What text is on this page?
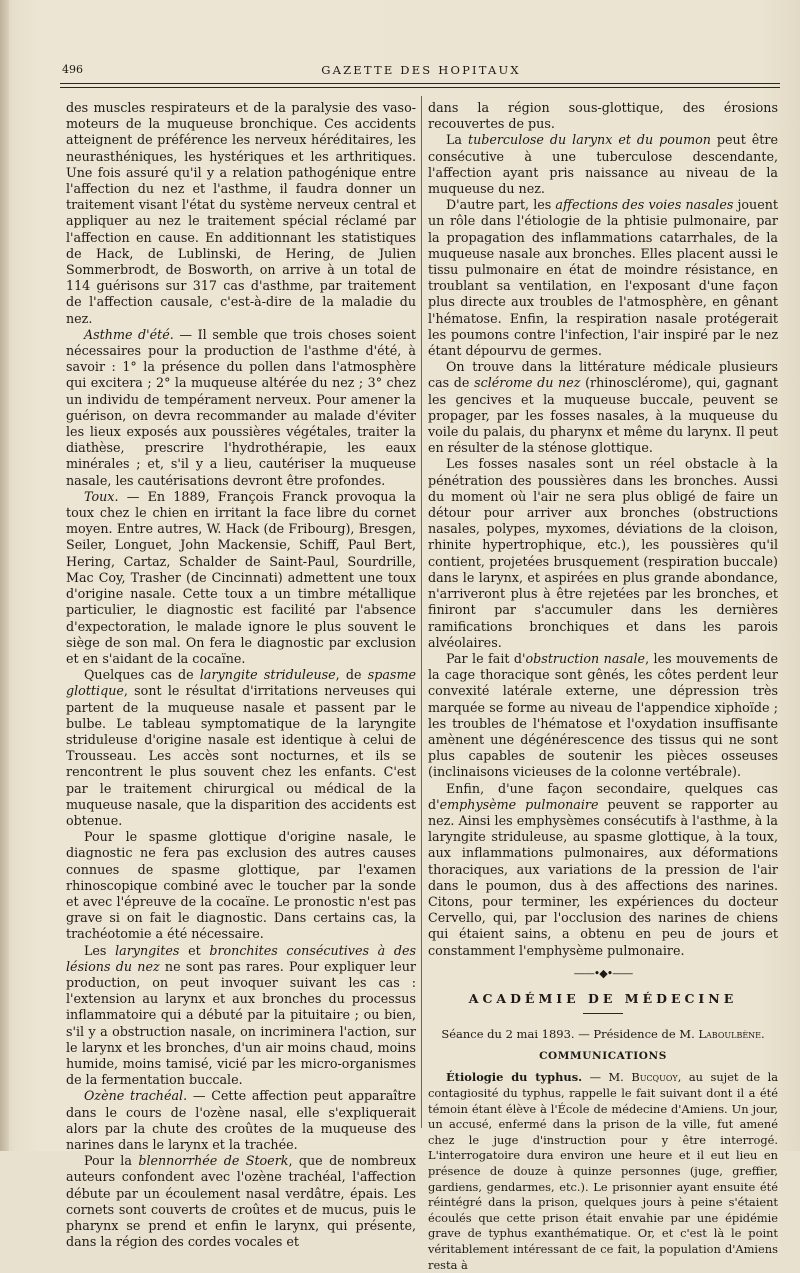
496	GAZETTE DES HOPITAUX

des muscles respirateurs et de la paralysie des vaso-moteurs de la muqueuse bronchique. Ces accidents atteignent de préférence les nerveux héréditaires, les neurasthéniques, les hystériques et les arthritiques. Une fois assuré qu'il y a relation pathogénique entre l'affection du nez et l'asthme, il faudra donner un traitement visant l'état du système nerveux central et appliquer au nez le traitement spécial réclamé par l'affection en cause. En additionnant les statistiques de Hack, de Lublinski, de Hering, de Julien Sommerbrodt, de Bosworth, on arrive à un total de 114 guérisons sur 317 cas d'asthme, par traitement de l'affection causale, c'est-à-dire de la maladie du nez.

Asthme d'été. — Il semble que trois choses soient nécessaires pour la production de l'asthme d'été, à savoir : 1° la présence du pollen dans l'atmosphère qui excitera ; 2° la muqueuse altérée du nez ; 3° chez un individu de tempérament nerveux. Pour amener la guérison, on devra recommander au malade d'éviter les lieux exposés aux poussières végétales, traiter la diathèse, prescrire l'hydrothérapie, les eaux minérales ; et, s'il y a lieu, cautériser la muqueuse nasale, les cautérisations devront être profondes.

Toux. — En 1889, François Franck provoqua la toux chez le chien en irritant la face libre du cornet moyen. Entre autres, W. Hack (de Fribourg), Bresgen, Seiler, Longuet, John Mackensie, Schiff, Paul Bert, Hering, Cartaz, Schalder de Saint-Paul, Sourdrille, Mac Coy, Trasher (de Cincinnati) admettent une toux d'origine nasale. Cette toux a un timbre métallique particulier, le diagnostic est facilité par l'absence d'expectoration, le malade ignore le plus souvent le siège de son mal. On fera le diagnostic par exclusion et en s'aidant de la cocaïne.

Quelques cas de laryngite striduleuse, de spasme glottique, sont le résultat d'irritations nerveuses qui partent de la muqueuse nasale et passent par le bulbe. Le tableau symptomatique de la laryngite striduleuse d'origine nasale est identique à celui de Trousseau. Les accès sont nocturnes, et ils se rencontrent le plus souvent chez les enfants. C'est par le traitement chirurgical ou médical de la muqueuse nasale, que la disparition des accidents est obtenue.

Pour le spasme glottique d'origine nasale, le diagnostic ne fera pas exclusion des autres causes connues de spasme glottique, par l'examen rhinoscopique combiné avec le toucher par la sonde et avec l'épreuve de la cocaïne. Le pronostic n'est pas grave si on fait le diagnostic. Dans certains cas, la trachéotomie a été nécessaire.

Les laryngites et bronchites consécutives à des lésions du nez ne sont pas rares. Pour expliquer leur production, on peut invoquer suivant les cas : l'extension au larynx et aux bronches du processus inflammatoire qui a débuté par la pituitaire ; ou bien, s'il y a obstruction nasale, on incriminera l'action, sur le larynx et les bronches, d'un air moins chaud, moins humide, moins tamisé, vicié par les micro-organismes de la fermentation buccale.

Ozène trachéal. — Cette affection peut apparaître dans le cours de l'ozène nasal, elle s'expliquerait alors par la chute des croûtes de la muqueuse des narines dans le larynx et la trachée.

Pour la blennorrhée de Stoerk, que de nombreux auteurs confondent avec l'ozène trachéal, l'affection débute par un écoulement nasal verdâtre, épais. Les cornets sont couverts de croûtes et de mucus, puis le pharynx se prend et enfin le larynx, qui présente, dans la région des cordes vocales et

dans la région sous-glottique, des érosions recouvertes de pus.

La tuberculose du larynx et du poumon peut être consécutive à une tuberculose descendante, l'affection ayant pris naissance au niveau de la muqueuse du nez.

D'autre part, les affections des voies nasales jouent un rôle dans l'étiologie de la phtisie pulmonaire, par la propagation des inflammations catarrhales, de la muqueuse nasale aux bronches. Elles placent aussi le tissu pulmonaire en état de moindre résistance, en troublant sa ventilation, en l'exposant d'une façon plus directe aux troubles de l'atmosphère, en gênant l'hématose. Enfin, la respiration nasale protégerait les poumons contre l'infection, l'air inspiré par le nez étant dépourvu de germes.

On trouve dans la littérature médicale plusieurs cas de sclérome du nez (rhinosclérome), qui, gagnant les gencives et la muqueuse buccale, peuvent se propager, par les fosses nasales, à la muqueuse du voile du palais, du pharynx et même du larynx. Il peut en résulter de la sténose glottique.

Les fosses nasales sont un réel obstacle à la pénétration des poussières dans les bronches. Aussi du moment où l'air ne sera plus obligé de faire un détour pour arriver aux bronches (obstructions nasales, polypes, myxomes, déviations de la cloison, rhinite hypertrophique, etc.), les poussières qu'il contient, projetées brusquement (respiration buccale) dans le larynx, et aspirées en plus grande abondance, n'arriveront plus à être rejetées par les bronches, et finiront par s'accumuler dans les dernières ramifications bronchiques et dans les parois alvéolaires.

Par le fait d'obstruction nasale, les mouvements de la cage thoracique sont gênés, les côtes perdent leur convexité latérale externe, une dépression très marquée se forme au niveau de l'appendice xiphoïde ; les troubles de l'hématose et l'oxydation insuffisante amènent une dégénérescence des tissus qui ne sont plus capables de soutenir les pièces osseuses (inclinaisons vicieuses de la colonne vertébrale).

Enfin, d'une façon secondaire, quelques cas d'emphysème pulmonaire peuvent se rapporter au nez. Ainsi les emphysèmes consécutifs à l'asthme, à la laryngite striduleuse, au spasme glottique, à la toux, aux inflammations pulmonaires, aux déformations thoraciques, aux variations de la pression de l'air dans le poumon, dus à des affections des narines. Citons, pour terminer, les expériences du docteur Cervello, qui, par l'occlusion des narines de chiens qui étaient sains, a obtenu en peu de jours et constamment l'emphysème pulmonaire.

——•◆•——
ACADÉMIE DE MÉDECINE

Séance du 2 mai 1893. — Présidence de M. Laboulbène.

COMMUNICATIONS

Étiologie du typhus. — M. Bucquoy, au sujet de la contagiosité du typhus, rappelle le fait suivant dont il a été témoin étant élève à l'École de médecine d'Amiens. Un jour, un accusé, enfermé dans la prison de la ville, fut amené chez le juge d'instruction pour y être interrogé. L'interrogatoire dura environ une heure et il eut lieu en présence de douze à quinze personnes (juge, greffier, gardiens, gendarmes, etc.). Le prisonnier ayant ensuite été réintégré dans la prison, quelques jours à peine s'étaient écoulés que cette prison était envahie par une épidémie grave de typhus exanthématique. Or, et c'est là le point véritablement intéressant de ce fait, la population d'Amiens resta à
